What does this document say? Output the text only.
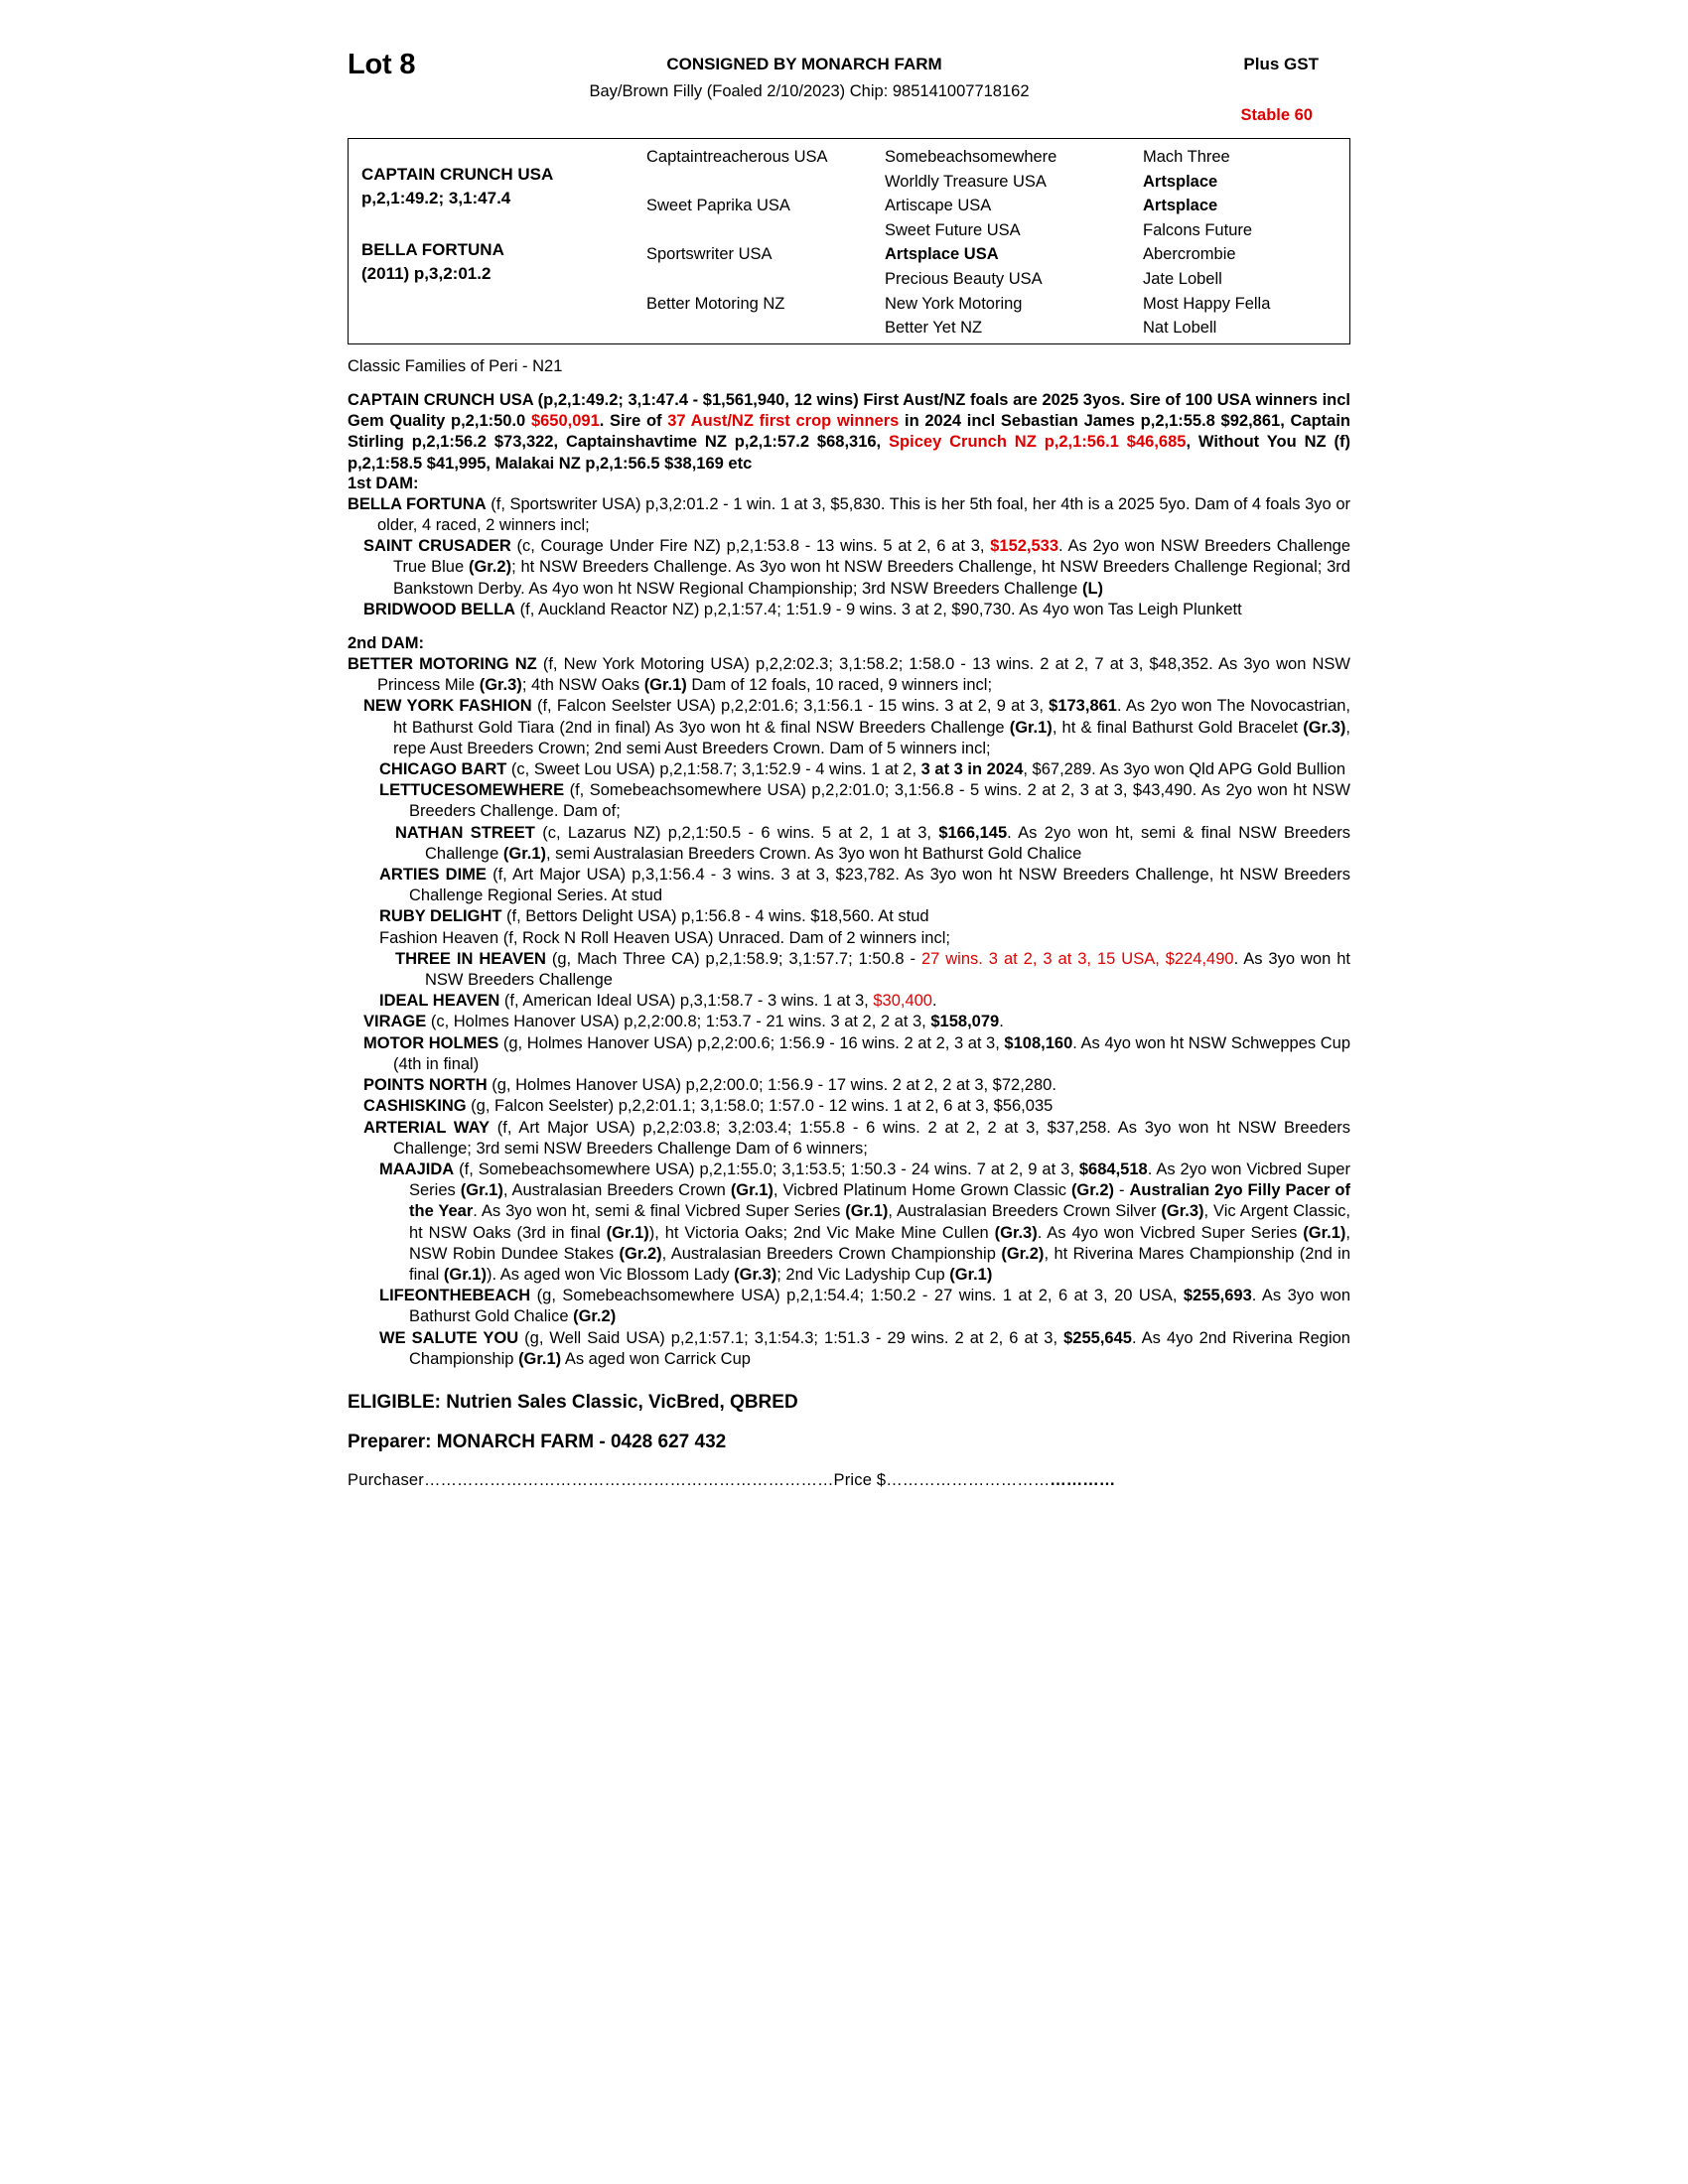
Lot 8	CONSIGNED BY MONARCH FARM	Plus GST
Bay/Brown Filly (Foaled 2/10/2023) Chip: 985141007718162
Stable 60
CAPTAIN CRUNCH USA
p,2,1:49.2; 3,1:47.4
BELLA FORTUNA
(2011) p,3,2:01.2
Captaintreacherous USA
Sweet Paprika USA
Sportswriter USA
Better Motoring NZ
Somebeachsomewhere
Worldly Treasure USA
Artiscape USA
Sweet Future USA
Artsplace USA
Precious Beauty USA
New York Motoring
Better Yet NZ
Mach Three
Artsplace
Artsplace
Falcons Future
Abercrombie
Jate Lobell
Most Happy Fella
Nat Lobell
Classic Families of Peri - N21

CAPTAIN CRUNCH USA (p,2,1:49.2; 3,1:47.4 - $1,561,940, 12 wins) First Aust/NZ foals are 2025 3yos. Sire of 100 USA winners incl Gem Quality p,2,1:50.0 $650,091. Sire of 37 Aust/NZ first crop winners in 2024 incl Sebastian James p,2,1:55.8 $92,861, Captain Stirling p,2,1:56.2 $73,322, Captainshavtime NZ p,2,1:57.2 $68,316, Spicey Crunch NZ p,2,1:56.1 $46,685, Without You NZ (f) p,2,1:58.5 $41,995, Malakai NZ p,2,1:56.5 $38,169 etc

1st DAM:

BELLA FORTUNA (f, Sportswriter USA) p,3,2:01.2 - 1 win. 1 at 3, $5,830. This is her 5th foal, her 4th is a 2025 5yo. Dam of 4 foals 3yo or older, 4 raced, 2 winners incl;

SAINT CRUSADER (c, Courage Under Fire NZ) p,2,1:53.8 - 13 wins. 5 at 2, 6 at 3, $152,533. As 2yo won NSW Breeders Challenge True Blue (Gr.2); ht NSW Breeders Challenge. As 3yo won ht NSW Breeders Challenge, ht NSW Breeders Challenge Regional; 3rd Bankstown Derby. As 4yo won ht NSW Regional Championship; 3rd NSW Breeders Challenge (L)

BRIDWOOD BELLA (f, Auckland Reactor NZ) p,2,1:57.4; 1:51.9 - 9 wins. 3 at 2, $90,730. As 4yo won Tas Leigh Plunkett

2nd DAM:

BETTER MOTORING NZ (f, New York Motoring USA) p,2,2:02.3; 3,1:58.2; 1:58.0 - 13 wins. 2 at 2, 7 at 3, $48,352. As 3yo won NSW Princess Mile (Gr.3); 4th NSW Oaks (Gr.1) Dam of 12 foals, 10 raced, 9 winners incl;

NEW YORK FASHION (f, Falcon Seelster USA) p,2,2:01.6; 3,1:56.1 - 15 wins. 3 at 2, 9 at 3, $173,861. As 2yo won The Novocastrian, ht Bathurst Gold Tiara (2nd in final) As 3yo won ht & final NSW Breeders Challenge (Gr.1), ht & final Bathurst Gold Bracelet (Gr.3), repe Aust Breeders Crown; 2nd semi Aust Breeders Crown. Dam of 5 winners incl;

CHICAGO BART (c, Sweet Lou USA) p,2,1:58.7; 3,1:52.9 - 4 wins. 1 at 2, 3 at 3 in 2024, $67,289. As 3yo won Qld APG Gold Bullion

LETTUCESOMEWHERE (f, Somebeachsomewhere USA) p,2,2:01.0; 3,1:56.8 - 5 wins. 2 at 2, 3 at 3, $43,490. As 2yo won ht NSW Breeders Challenge. Dam of;

NATHAN STREET (c, Lazarus NZ) p,2,1:50.5 - 6 wins. 5 at 2, 1 at 3, $166,145. As 2yo won ht, semi & final NSW Breeders Challenge (Gr.1), semi Australasian Breeders Crown. As 3yo won ht Bathurst Gold Chalice

ARTIES DIME (f, Art Major USA) p,3,1:56.4 - 3 wins. 3 at 3, $23,782. As 3yo won ht NSW Breeders Challenge, ht NSW Breeders Challenge Regional Series. At stud

RUBY DELIGHT (f, Bettors Delight USA) p,1:56.8 - 4 wins. $18,560. At stud

Fashion Heaven (f, Rock N Roll Heaven USA) Unraced. Dam of 2 winners incl;

THREE IN HEAVEN (g, Mach Three CA) p,2,1:58.9; 3,1:57.7; 1:50.8 - 27 wins. 3 at 2, 3 at 3, 15 USA, $224,490. As 3yo won ht NSW Breeders Challenge

IDEAL HEAVEN (f, American Ideal USA) p,3,1:58.7 - 3 wins. 1 at 3, $30,400.

VIRAGE (c, Holmes Hanover USA) p,2,2:00.8; 1:53.7 - 21 wins. 3 at 2, 2 at 3, $158,079.

MOTOR HOLMES (g, Holmes Hanover USA) p,2,2:00.6; 1:56.9 - 16 wins. 2 at 2, 3 at 3, $108,160. As 4yo won ht NSW Schweppes Cup (4th in final)

POINTS NORTH (g, Holmes Hanover USA) p,2,2:00.0; 1:56.9 - 17 wins. 2 at 2, 2 at 3, $72,280.

CASHISKING (g, Falcon Seelster) p,2,2:01.1; 3,1:58.0; 1:57.0 - 12 wins. 1 at 2, 6 at 3, $56,035

ARTERIAL WAY (f, Art Major USA) p,2,2:03.8; 3,2:03.4; 1:55.8 - 6 wins. 2 at 2, 2 at 3, $37,258. As 3yo won ht NSW Breeders Challenge; 3rd semi NSW Breeders Challenge Dam of 6 winners;

MAAJIDA (f, Somebeachsomewhere USA) p,2,1:55.0; 3,1:53.5; 1:50.3 - 24 wins. 7 at 2, 9 at 3, $684,518. As 2yo won Vicbred Super Series (Gr.1), Australasian Breeders Crown (Gr.1), Vicbred Platinum Home Grown Classic (Gr.2) - Australian 2yo Filly Pacer of the Year. As 3yo won ht, semi & final Vicbred Super Series (Gr.1), Australasian Breeders Crown Silver (Gr.3), Vic Argent Classic, ht NSW Oaks (3rd in final (Gr.1)), ht Victoria Oaks; 2nd Vic Make Mine Cullen (Gr.3). As 4yo won Vicbred Super Series (Gr.1), NSW Robin Dundee Stakes (Gr.2), Australasian Breeders Crown Championship (Gr.2), ht Riverina Mares Championship (2nd in final (Gr.1)). As aged won Vic Blossom Lady (Gr.3); 2nd Vic Ladyship Cup (Gr.1)

LIFEONTHEBEACH (g, Somebeachsomewhere USA) p,2,1:54.4; 1:50.2 - 27 wins. 1 at 2, 6 at 3, 20 USA, $255,693. As 3yo won Bathurst Gold Chalice (Gr.2)

WE SALUTE YOU (g, Well Said USA) p,2,1:57.1; 3,1:54.3; 1:51.3 - 29 wins. 2 at 2, 6 at 3, $255,645. As 4yo 2nd Riverina Region Championship (Gr.1) As aged won Carrick Cup

ELIGIBLE: Nutrien Sales Classic, VicBred, QBRED
Preparer: MONARCH FARM - 0428 627 432
Purchaser…………………………………………………………………Price $……………………………………
